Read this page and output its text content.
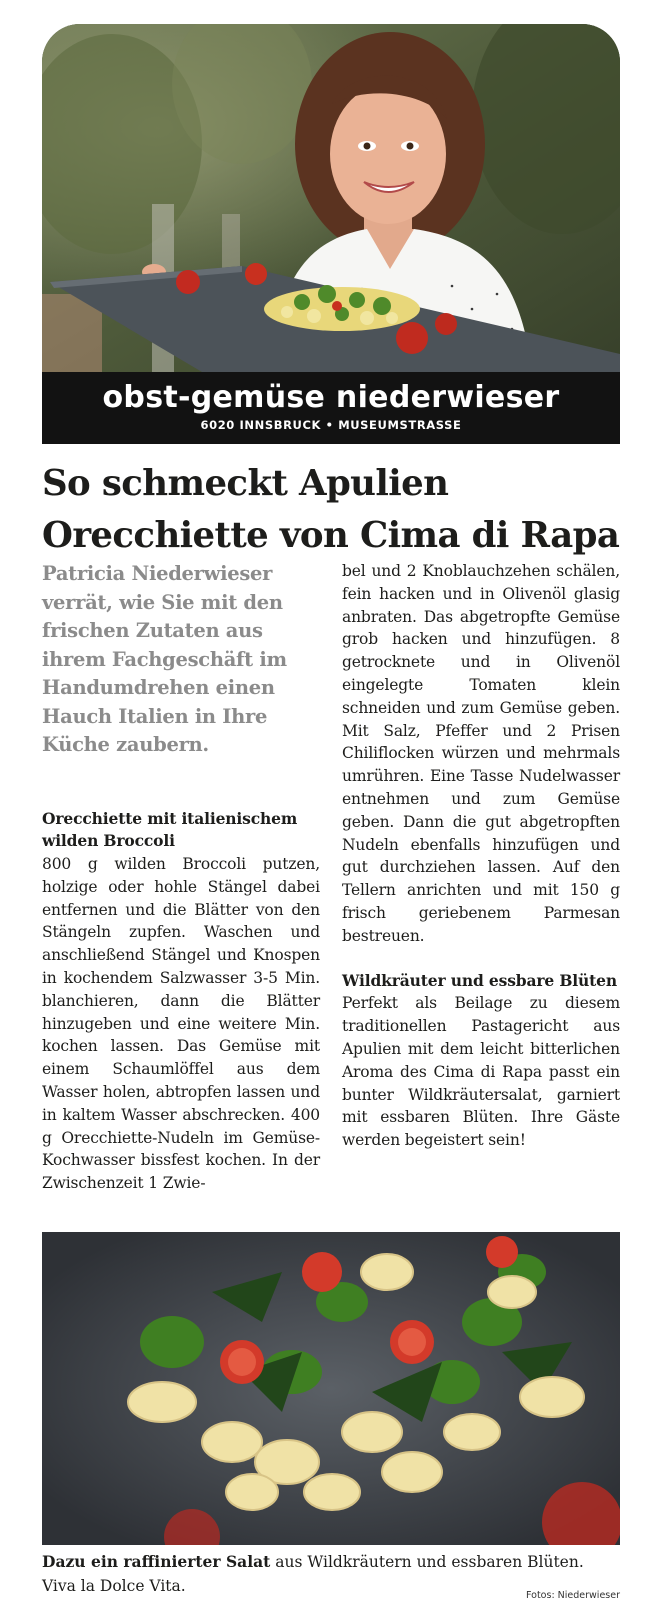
obst-gemüse niederwieser
6020 INNSBRUCK • MUSEUMSTRASSE
So schmeckt Apulien
Orecchiette von Cima di Rapa

Patricia Niederwieser verrät, wie Sie mit den frischen Zutaten aus ihrem Fachgeschäft im Handumdrehen einen Hauch Italien in Ihre Küche zaubern.

Orecchiette mit italienischem wilden Broccoli

800 g wilden Broccoli putzen, holzige oder hohle Stängel dabei entfernen und die Blätter von den Stängeln zupfen. Waschen und anschließend Stängel und Knospen in kochendem Salzwasser 3-5 Min. blanchieren, dann die Blätter hinzugeben und eine weitere Min. kochen lassen. Das Gemüse mit einem Schaumlöffel aus dem Wasser holen, abtropfen lassen und in kaltem Wasser abschrecken. 400 g Orecchiette-Nudeln im Gemüse-Kochwasser bissfest kochen. In der Zwischenzeit 1 Zwie-

bel und 2 Knoblauchzehen schälen, fein hacken und in Olivenöl glasig anbraten. Das abgetropfte Gemüse grob hacken und hinzufügen. 8 getrocknete und in Olivenöl eingelegte Tomaten klein schneiden und zum Gemüse geben. Mit Salz, Pfeffer und 2 Prisen Chiliflocken würzen und mehrmals umrühren. Eine Tasse Nudelwasser entnehmen und zum Gemüse geben. Dann die gut abgetropften Nudeln ebenfalls hinzufügen und gut durchziehen lassen. Auf den Tellern anrichten und mit 150 g frisch geriebenem Parmesan bestreuen.

Wildkräuter und essbare Blüten

Perfekt als Beilage zu diesem traditionellen Pastagericht aus Apulien mit dem leicht bitterlichen Aroma des Cima di Rapa passt ein bunter Wildkräutersalat, garniert mit essbaren Blüten. Ihre Gäste werden begeistert sein!

Dazu ein raffinierter Salat aus Wildkräutern und essbaren Blüten. Viva la Dolce Vita.

Fotos: Niederwieser
